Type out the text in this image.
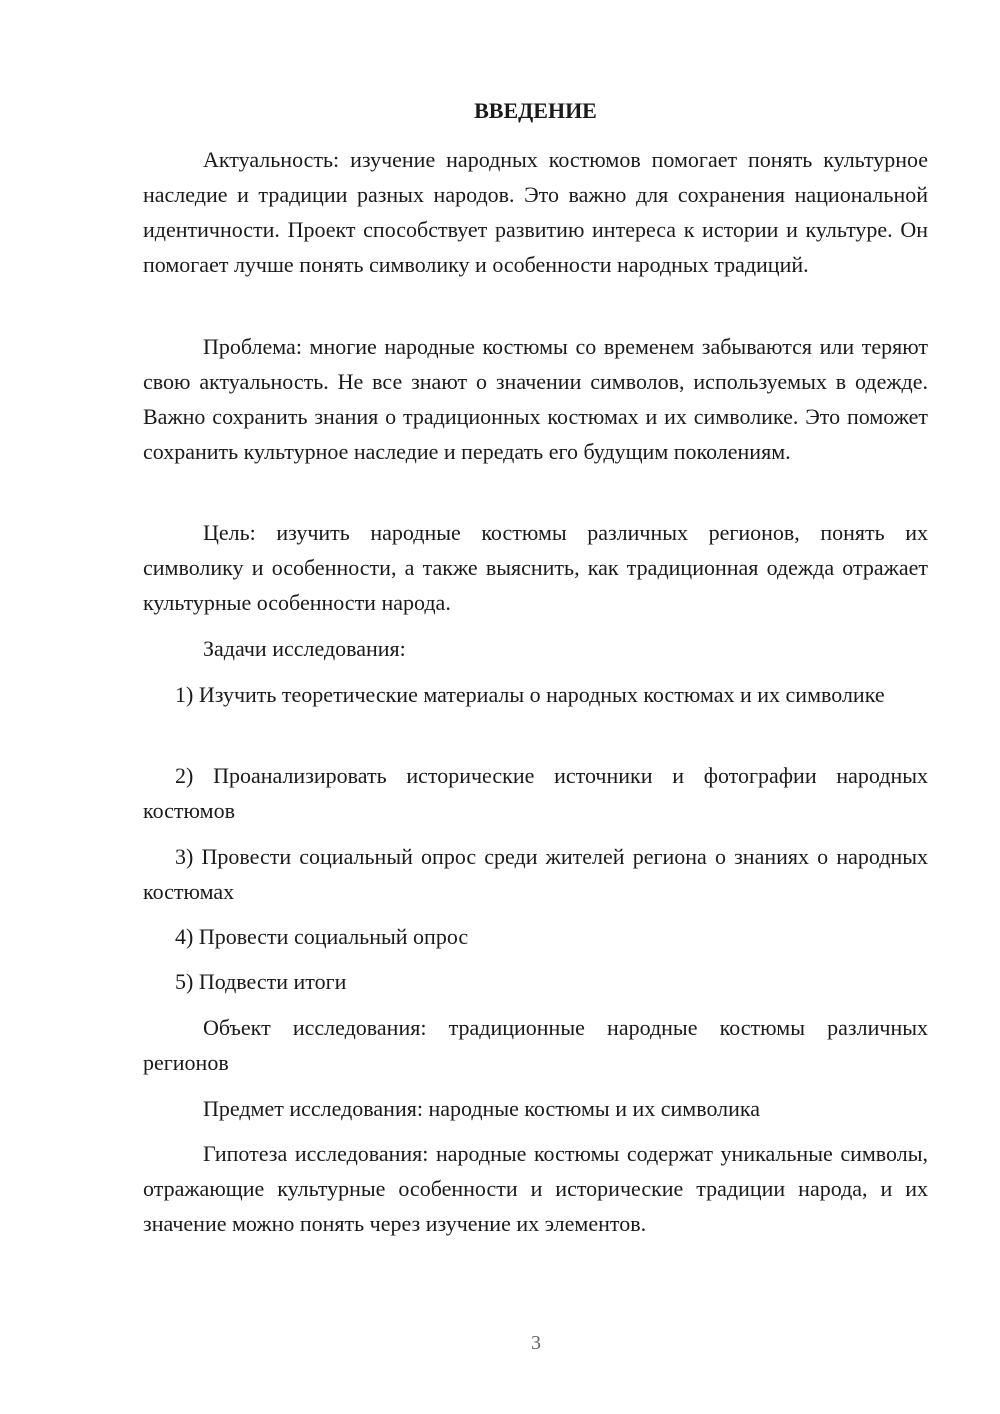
ВВЕДЕНИЕ

Актуальность: изучение народных костюмов помогает понять культурное наследие и традиции разных народов. Это важно для сохранения национальной идентичности. Проект способствует развитию интереса к истории и культуре. Он помогает лучше понять символику и особенности народных традиций.

Проблема: многие народные костюмы со временем забываются или теряют свою актуальность. Не все знают о значении символов, используемых в одежде. Важно сохранить знания о традиционных костюмах и их символике. Это поможет сохранить культурное наследие и передать его будущим поколениям.

Цель: изучить народные костюмы различных регионов, понять их символику и особенности, а также выяснить, как традиционная одежда отражает культурные особенности народа.

Задачи исследования:

1) Изучить теоретические материалы о народных костюмах и их символике

2) Проанализировать исторические источники и фотографии народных костюмов

3) Провести социальный опрос среди жителей региона о знаниях о народных костюмах

4) Провести социальный опрос

5) Подвести итоги

Объект исследования: традиционные народные костюмы различных регионов

Предмет исследования: народные костюмы и их символика

Гипотеза исследования: народные костюмы содержат уникальные символы, отражающие культурные особенности и исторические традиции народа, и их значение можно понять через изучение их элементов.

3
